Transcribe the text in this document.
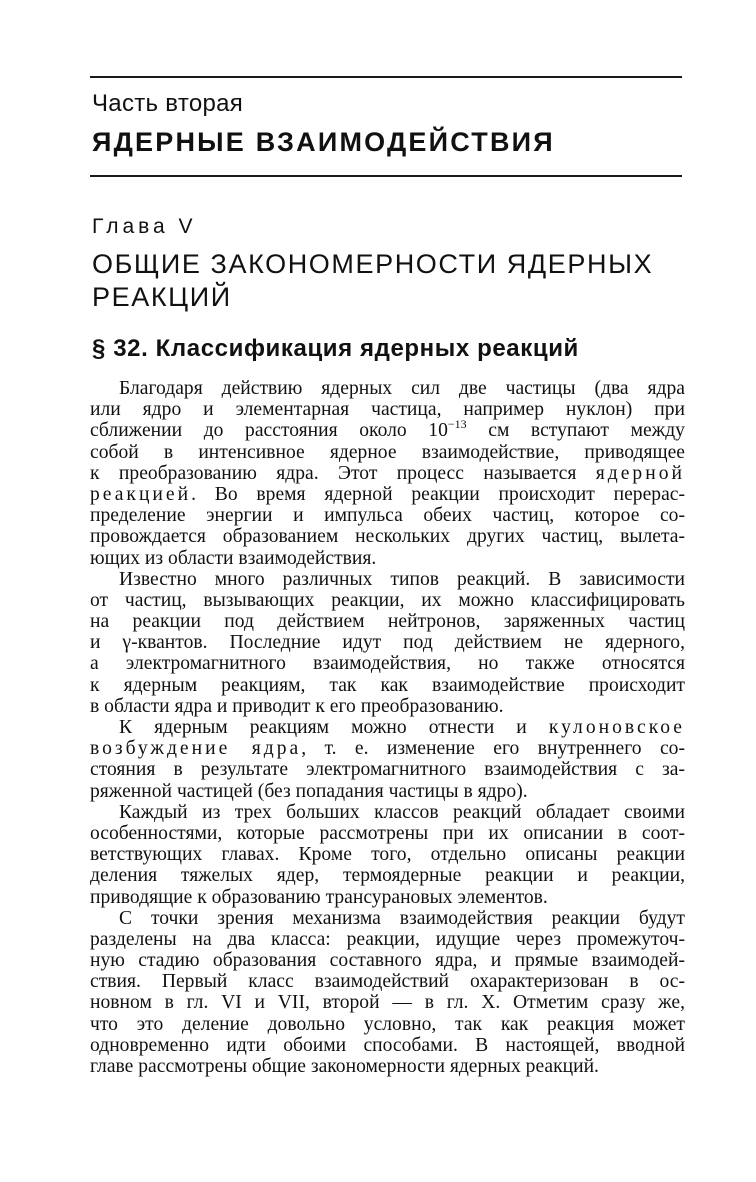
Часть вторая
ЯДЕРНЫЕ ВЗАИМОДЕЙСТВИЯ
Глава V
ОБЩИЕ ЗАКОНОМЕРНОСТИ ЯДЕРНЫХ РЕАКЦИЙ
§ 32. Классификация ядерных реакций
Благодаря действию ядерных сил две частицы (два ядра
или ядро и элементарная частица, например нуклон) при
сближении до расстояния около $10^{-13}$ см вступают между
собой в интенсивное ядерное взаимодействие, приводящее
к преобразованию ядра. Этот процесс называется ядерной
реакцией. Во время ядерной реакции происходит перерас-
пределение энергии и импульса обеих частиц, которое со-
провождается образованием нескольких других частиц, вылета-
ющих из области взаимодействия.
Известно много различных типов реакций. В зависимости
от частиц, вызывающих реакции, их можно классифицировать
на реакции под действием нейтронов, заряженных частиц
и γ-квантов. Последние идут под действием не ядерного,
а электромагнитного взаимодействия, но также относятся
к ядерным реакциям, так как взаимодействие происходит
в области ядра и приводит к его преобразованию.
К ядерным реакциям можно отнести и кулоновское
возбуждение ядра, т. е. изменение его внутреннего со-
стояния в результате электромагнитного взаимодействия с за-
ряженной частицей (без попадания частицы в ядро).
Каждый из трех больших классов реакций обладает своими
особенностями, которые рассмотрены при их описании в соот-
ветствующих главах. Кроме того, отдельно описаны реакции
деления тяжелых ядер, термоядерные реакции и реакции,
приводящие к образованию трансурановых элементов.
С точки зрения механизма взаимодействия реакции будут
разделены на два класса: реакции, идущие через промежуточ-
ную стадию образования составного ядра, и прямые взаимодей-
ствия. Первый класс взаимодействий охарактеризован в ос-
новном в гл. VI и VII, второй — в гл. X. Отметим сразу же,
что это деление довольно условно, так как реакция может
одновременно идти обоими способами. В настоящей, вводной
главе рассмотрены общие закономерности ядерных реакций.
